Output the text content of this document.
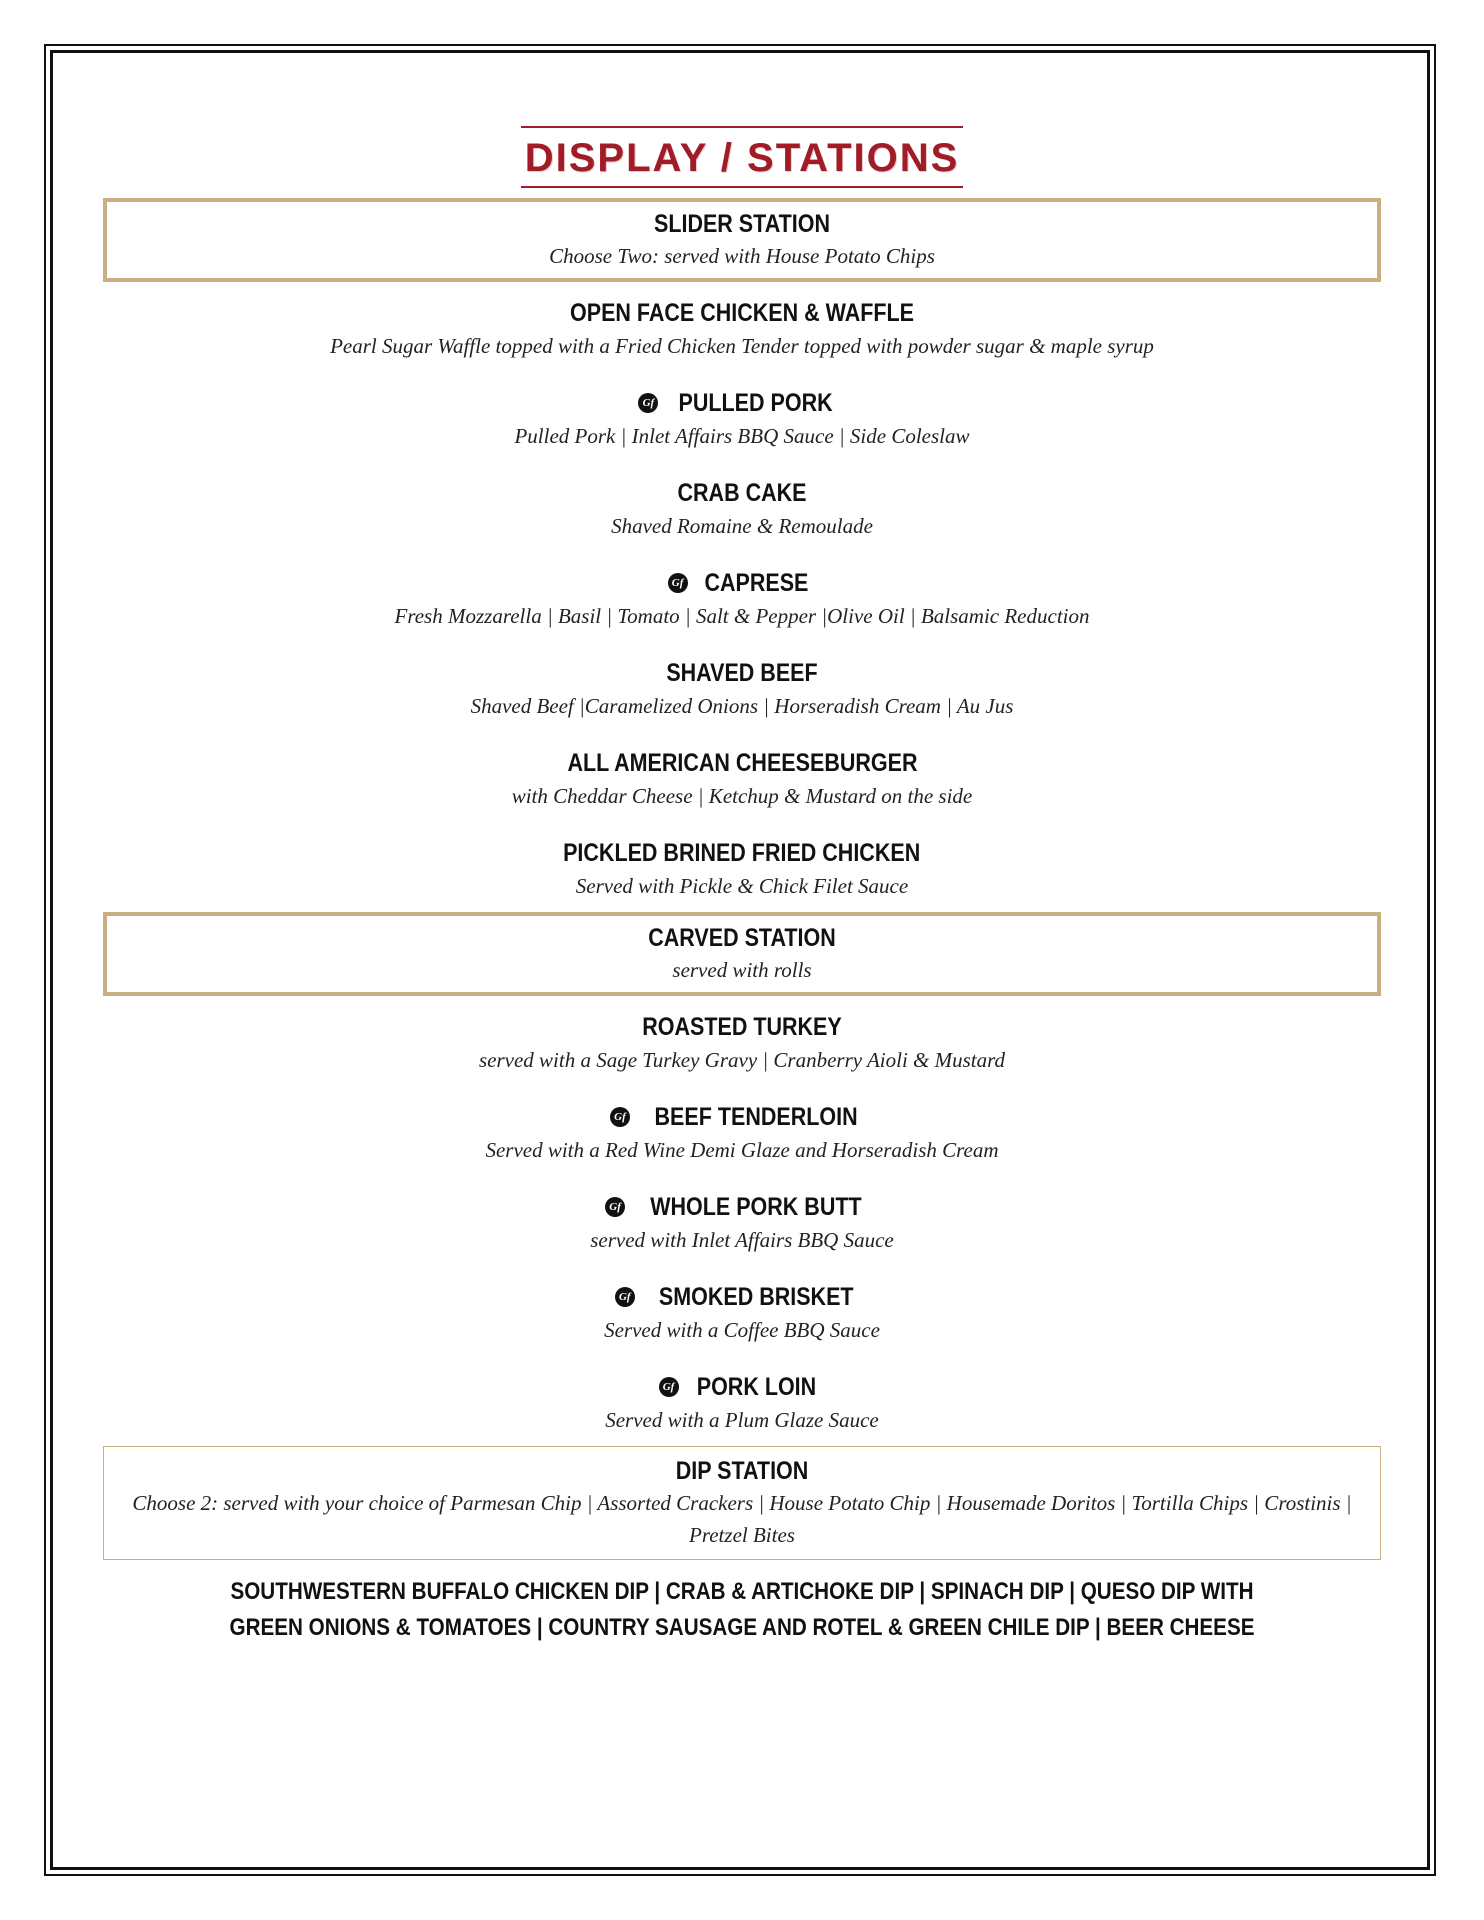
DISPLAY / STATIONS
SLIDER STATION
Choose Two: served with House Potato Chips
OPEN FACE CHICKEN & WAFFLE
Pearl Sugar Waffle topped with a Fried Chicken Tender topped with powder sugar & maple syrup
Gf PULLED PORK
Pulled Pork | Inlet Affairs BBQ Sauce | Side Coleslaw
CRAB CAKE
Shaved Romaine & Remoulade
Gf CAPRESE
Fresh Mozzarella | Basil | Tomato | Salt & Pepper |Olive Oil | Balsamic Reduction
SHAVED BEEF
Shaved Beef |Caramelized Onions | Horseradish Cream | Au Jus
ALL AMERICAN CHEESEBURGER
with Cheddar Cheese | Ketchup & Mustard on the side
PICKLED BRINED FRIED CHICKEN
Served with Pickle & Chick Filet Sauce
CARVED STATION
served with rolls
ROASTED TURKEY
served with a Sage Turkey Gravy | Cranberry Aioli & Mustard
Gf BEEF TENDERLOIN
Served with a Red Wine Demi Glaze and Horseradish Cream
Gf WHOLE PORK BUTT
served with Inlet Affairs BBQ Sauce
Gf SMOKED BRISKET
Served with a Coffee BBQ Sauce
Gf PORK LOIN
Served with a Plum Glaze Sauce
DIP STATION
Choose 2: served with your choice of Parmesan Chip | Assorted Crackers | House Potato Chip | Housemade Doritos | Tortilla Chips | Crostinis | Pretzel Bites
SOUTHWESTERN BUFFALO CHICKEN DIP | CRAB & ARTICHOKE DIP | SPINACH DIP | QUESO DIP WITH GREEN ONIONS & TOMATOES | COUNTRY SAUSAGE AND ROTEL & GREEN CHILE DIP | BEER CHEESE
